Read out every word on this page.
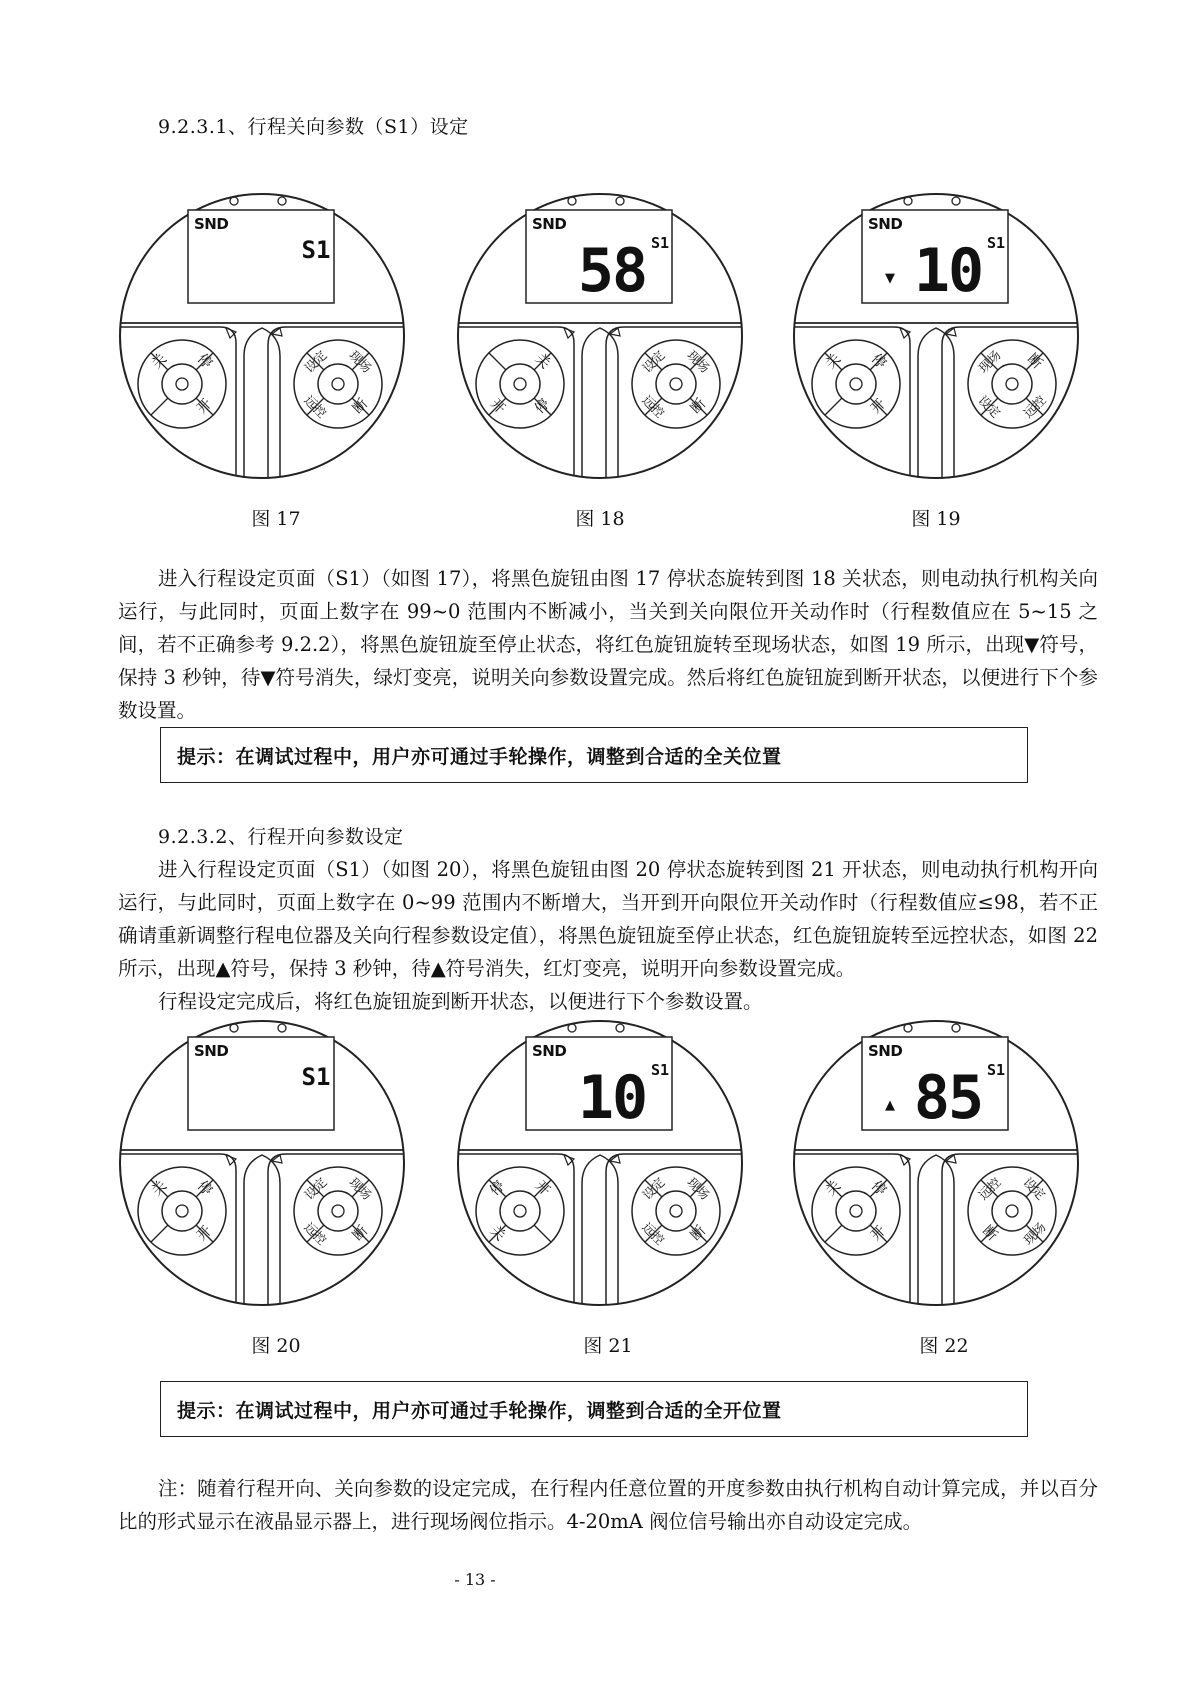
9.2.3.1、行程关向参数（S1）设定
SND
S1
关 停
开
设定 现场
断
远控
SND
S1
58
关
停
开
设定 现场
断
远控
SND
S1
10
▼
关 停
开
现场 断
远控
设定
图 17	图 18	图 19

进入行程设定页面（S1）（如图 17），将黑色旋钮由图 17 停状态旋转到图 18 关状态，则电动执行机构关向运行，与此同时，页面上数字在 99~0 范围内不断减小，当关到关向限位开关动作时（行程数值应在 5~15 之间，若不正确参考 9.2.2），将黑色旋钮旋至停止状态，将红色旋钮旋转至现场状态，如图 19 所示，出现▼符号，保持 3 秒钟，待▼符号消失，绿灯变亮，说明关向参数设置完成。然后将红色旋钮旋到断开状态，以便进行下个参数设置。

提示：在调试过程中，用户亦可通过手轮操作，调整到合适的全关位置
9.2.3.2、行程开向参数设定

进入行程设定页面（S1）（如图 20），将黑色旋钮由图 20 停状态旋转到图 21 开状态，则电动执行机构开向运行，与此同时，页面上数字在 0~99 范围内不断增大，当开到开向限位开关动作时（行程数值应≤98，若不正确请重新调整行程电位器及关向行程参数设定值），将黑色旋钮旋至停止状态，红色旋钮旋转至远控状态，如图 22 所示，出现▲符号，保持 3 秒钟，待▲符号消失，红灯变亮，说明开向参数设置完成。

行程设定完成后，将红色旋钮旋到断开状态，以便进行下个参数设置。

SND
S1
关 停
开
设定 现场
断
远控
SND
S1
10
停 开
关
设定 现场
断
远控
SND
S1
85
▲
关 停
开
远控 设定
现场
断
图 20	图 21	图 22
提示：在调试过程中，用户亦可通过手轮操作，调整到合适的全开位置

注：随着行程开向、关向参数的设定完成，在行程内任意位置的开度参数由执行机构自动计算完成，并以百分比的形式显示在液晶显示器上，进行现场阀位指示。4-20mA 阀位信号输出亦自动设定完成。

- 13 -
